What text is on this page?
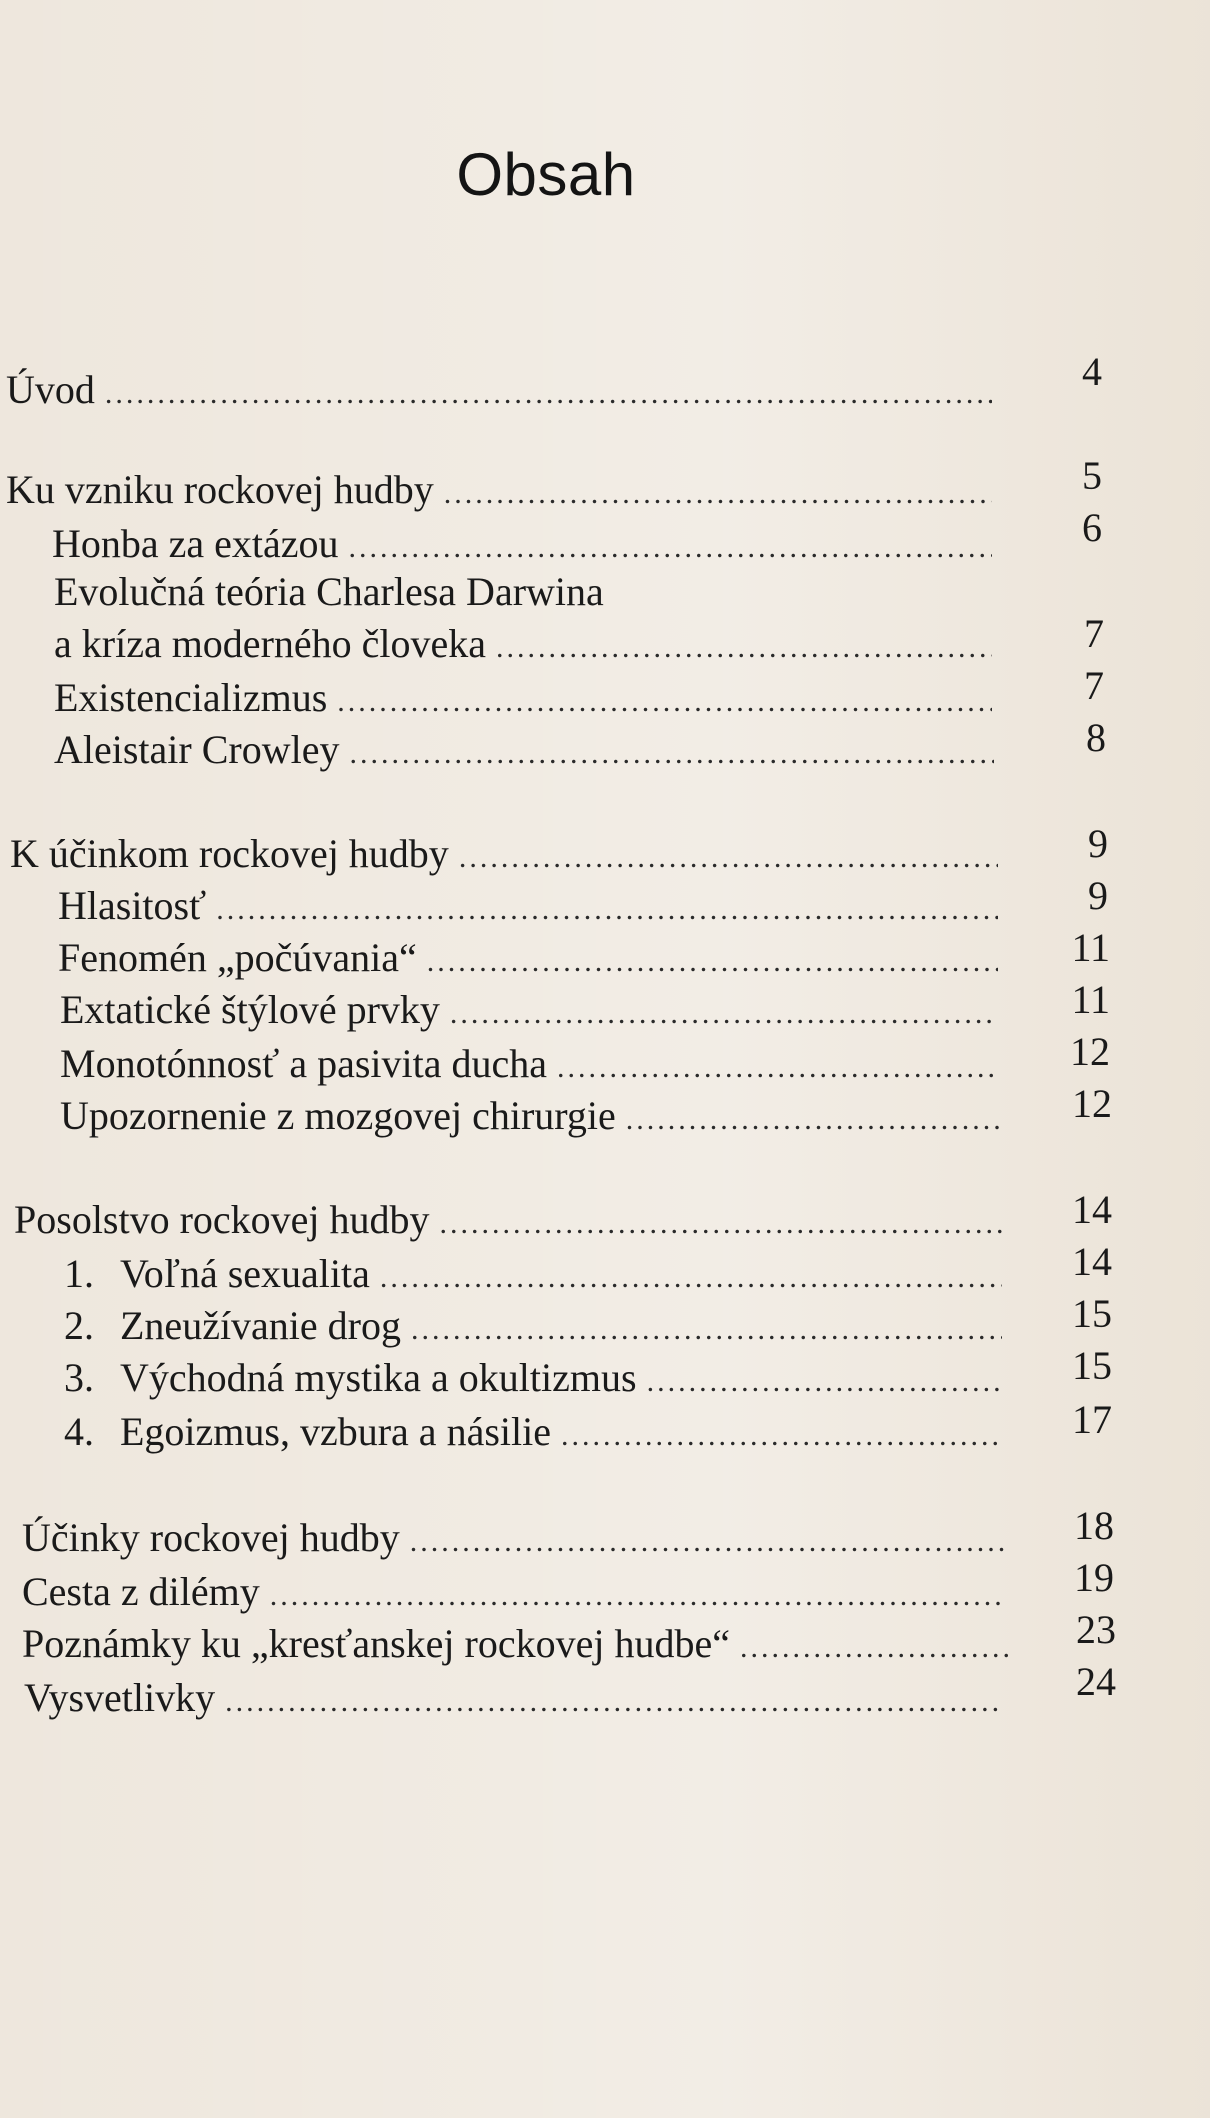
Obsah
Úvod .....	4
Ku vzniku rockovej hudby .....	5
Honba za extázou .....	6
Evolučná teória Charlesa Darwina
a kríza moderného človeka .....	7
Existencializmus .....	7
Aleistair Crowley .....	8
K účinkom rockovej hudby .....	9
Hlasitosť .....	9
Fenomén „počúvania“ .....	11
Extatické štýlové prvky .....	11
Monotónnosť a pasivita ducha .....	12
Upozornenie z mozgovej chirurgie .....	12
Posolstvo rockovej hudby .....	14
1. Voľná sexualita .....	14
2. Zneužívanie drog .....	15
3. Východná mystika a okultizmus .....	15
4. Egoizmus, vzbura a násilie .....	17
Účinky rockovej hudby .....	18
Cesta z dilémy .....	19
Poznámky ku „kresťanskej rockovej hudbe“ .....	23
Vysvetlivky .....	24
